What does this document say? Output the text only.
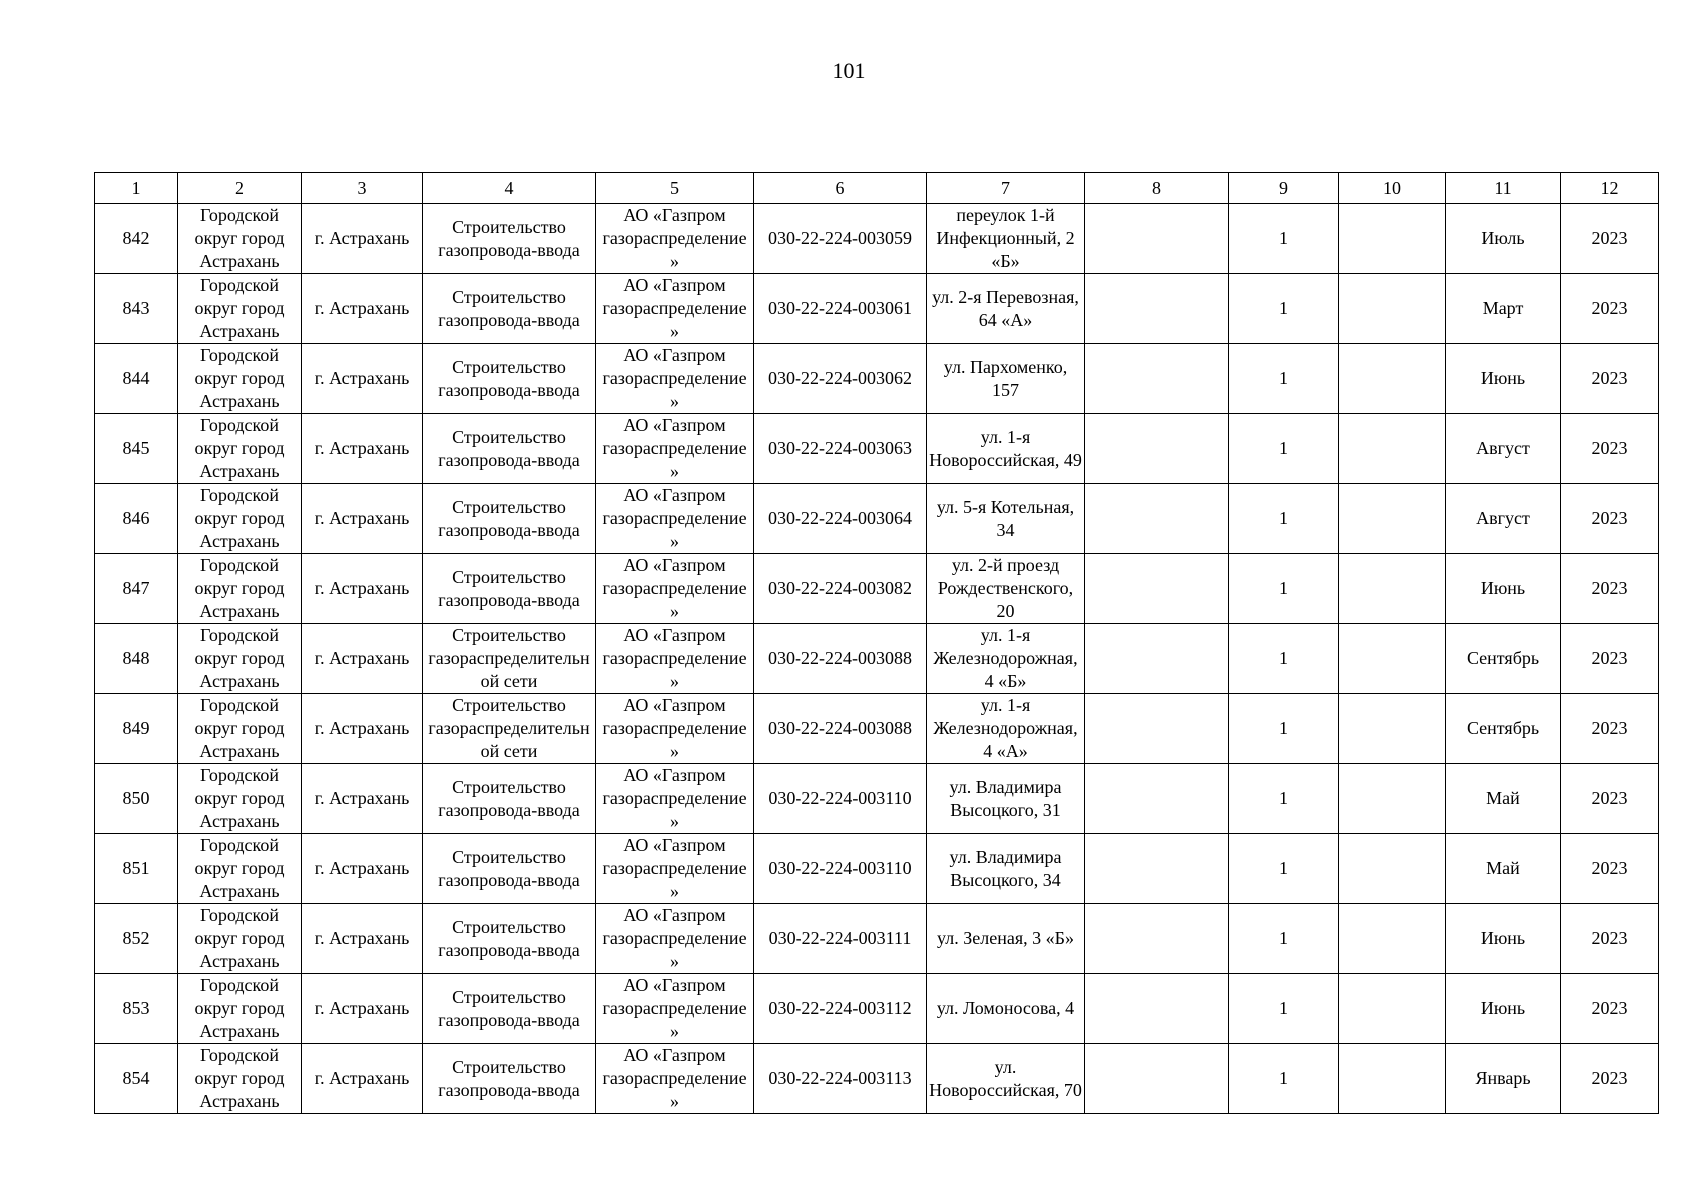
101
1	2	3	4	5	6	7	8	9	10	11	12
842	Городской округ город Астрахань	г. Астрахань	Строительство газопровода-ввода	АО «Газпром газораспределение»	030-22-224-003059	переулок 1-й Инфекционный, 2 «Б»		1		Июль	2023
843	Городской округ город Астрахань	г. Астрахань	Строительство газопровода-ввода	АО «Газпром газораспределение»	030-22-224-003061	ул. 2-я Перевозная, 64 «А»		1		Март	2023
844	Городской округ город Астрахань	г. Астрахань	Строительство газопровода-ввода	АО «Газпром газораспределение»	030-22-224-003062	ул. Пархоменко, 157		1		Июнь	2023
845	Городской округ город Астрахань	г. Астрахань	Строительство газопровода-ввода	АО «Газпром газораспределение»	030-22-224-003063	ул. 1-я Новороссийская, 49		1		Август	2023
846	Городской округ город Астрахань	г. Астрахань	Строительство газопровода-ввода	АО «Газпром газораспределение»	030-22-224-003064	ул. 5-я Котельная, 34		1		Август	2023
847	Городской округ город Астрахань	г. Астрахань	Строительство газопровода-ввода	АО «Газпром газораспределение»	030-22-224-003082	ул. 2-й проезд Рождественского, 20		1		Июнь	2023
848	Городской округ город Астрахань	г. Астрахань	Строительство газораспределительной сети	АО «Газпром газораспределение»	030-22-224-003088	ул. 1-я Железнодорожная, 4 «Б»		1		Сентябрь	2023
849	Городской округ город Астрахань	г. Астрахань	Строительство газораспределительной сети	АО «Газпром газораспределение»	030-22-224-003088	ул. 1-я Железнодорожная, 4 «А»		1		Сентябрь	2023
850	Городской округ город Астрахань	г. Астрахань	Строительство газопровода-ввода	АО «Газпром газораспределение»	030-22-224-003110	ул. Владимира Высоцкого, 31		1		Май	2023
851	Городской округ город Астрахань	г. Астрахань	Строительство газопровода-ввода	АО «Газпром газораспределение»	030-22-224-003110	ул. Владимира Высоцкого, 34		1		Май	2023
852	Городской округ город Астрахань	г. Астрахань	Строительство газопровода-ввода	АО «Газпром газораспределение»	030-22-224-003111	ул. Зеленая, 3 «Б»		1		Июнь	2023
853	Городской округ город Астрахань	г. Астрахань	Строительство газопровода-ввода	АО «Газпром газораспределение»	030-22-224-003112	ул. Ломоносова, 4		1		Июнь	2023
854	Городской округ город Астрахань	г. Астрахань	Строительство газопровода-ввода	АО «Газпром газораспределение»	030-22-224-003113	ул. Новороссийская, 70		1		Январь	2023
